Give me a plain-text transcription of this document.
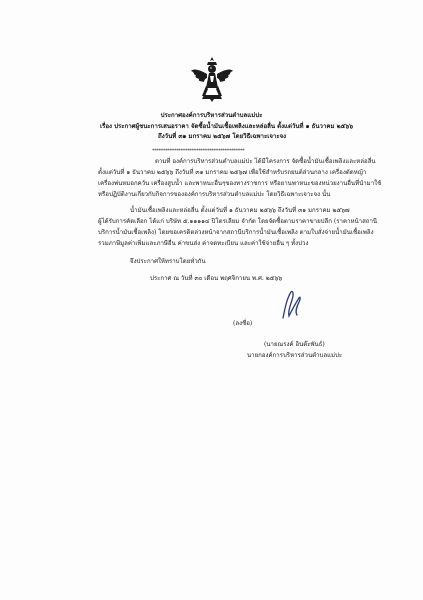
ประกาศองค์การบริหารส่วนตำบลแม่ปะ
เรื่อง ประกาศผู้ชนะการเสนอราคา จัดซื้อน้ำมันเชื้อเพลิงและหล่อลื่น ตั้งแต่วันที่ ๑ ธันวาคม ๒๕๖๖
ถึงวันที่ ๓๑ มกราคม ๒๕๖๗ โดยวิธีเฉพาะเจาะจง
******************************************
ตามที่ องค์การบริหารส่วนตำบลแม่ปะ ได้มีโครงการ จัดซื้อน้ำมันเชื้อเพลิงและหล่อลื่น
ตั้งแต่วันที่ ๑ ธันวาคม ๒๕๖๖ ถึงวันที่ ๓๑ มกราคม ๒๕๖๗ เพื่อใช้สำหรับรถยนต์ส่วนกลาง เครื่องตัดหญ้า
เครื่องพ่นหมอกควัน เครื่องสูบน้ำ และพาหนะอื่นๆของทางราชการ หรือยานพาหนะของหน่วยงานอื่นที่นำมาใช้
หรือปฏิบัติงานเกี่ยวกับกิจการขององค์การบริหารส่วนตำบลแม่ปะ โดยวิธีเฉพาะเจาะจง นั้น
น้ำมันเชื้อเพลิงและหล่อลื่น ตั้งแต่วันที่ ๑ ธันวาคม ๒๕๖๖ ถึงวันที่ ๓๑ มกราคม ๒๕๖๗
ผู้ได้รับการคัดเลือก ได้แก่ บริษัท ๕.๑๑๑๑๔ ปิโตรเลียม จำกัด โดยจัดซื้อตามราคาขายปลีก (ราคาหน้าสถานี
บริการน้ำมันเชื้อเพลิง) โดยขอเครดิตล่วงหน้าจากสถานีบริการน้ำมันเชื้อเพลิง ตามใบสั่งจ่ายน้ำมันเชื้อเพลิง
รวมภาษีมูลค่าเพิ่มและภาษีอื่น ค่าขนส่ง ค่าจดทะเบียน และค่าใช้จ่ายอื่น ๆ ทั้งปวง
จึงประกาศให้ทราบโดยทั่วกัน
ประกาศ ณ วันที่ ๓๐ เดือน พฤศจิกายน พ.ศ. ๒๕๖๖
(ลงชื่อ)
(นายณรงค์ อินต๊ะพันธ์)
นายกองค์การบริหารส่วนตำบลแม่ปะ
